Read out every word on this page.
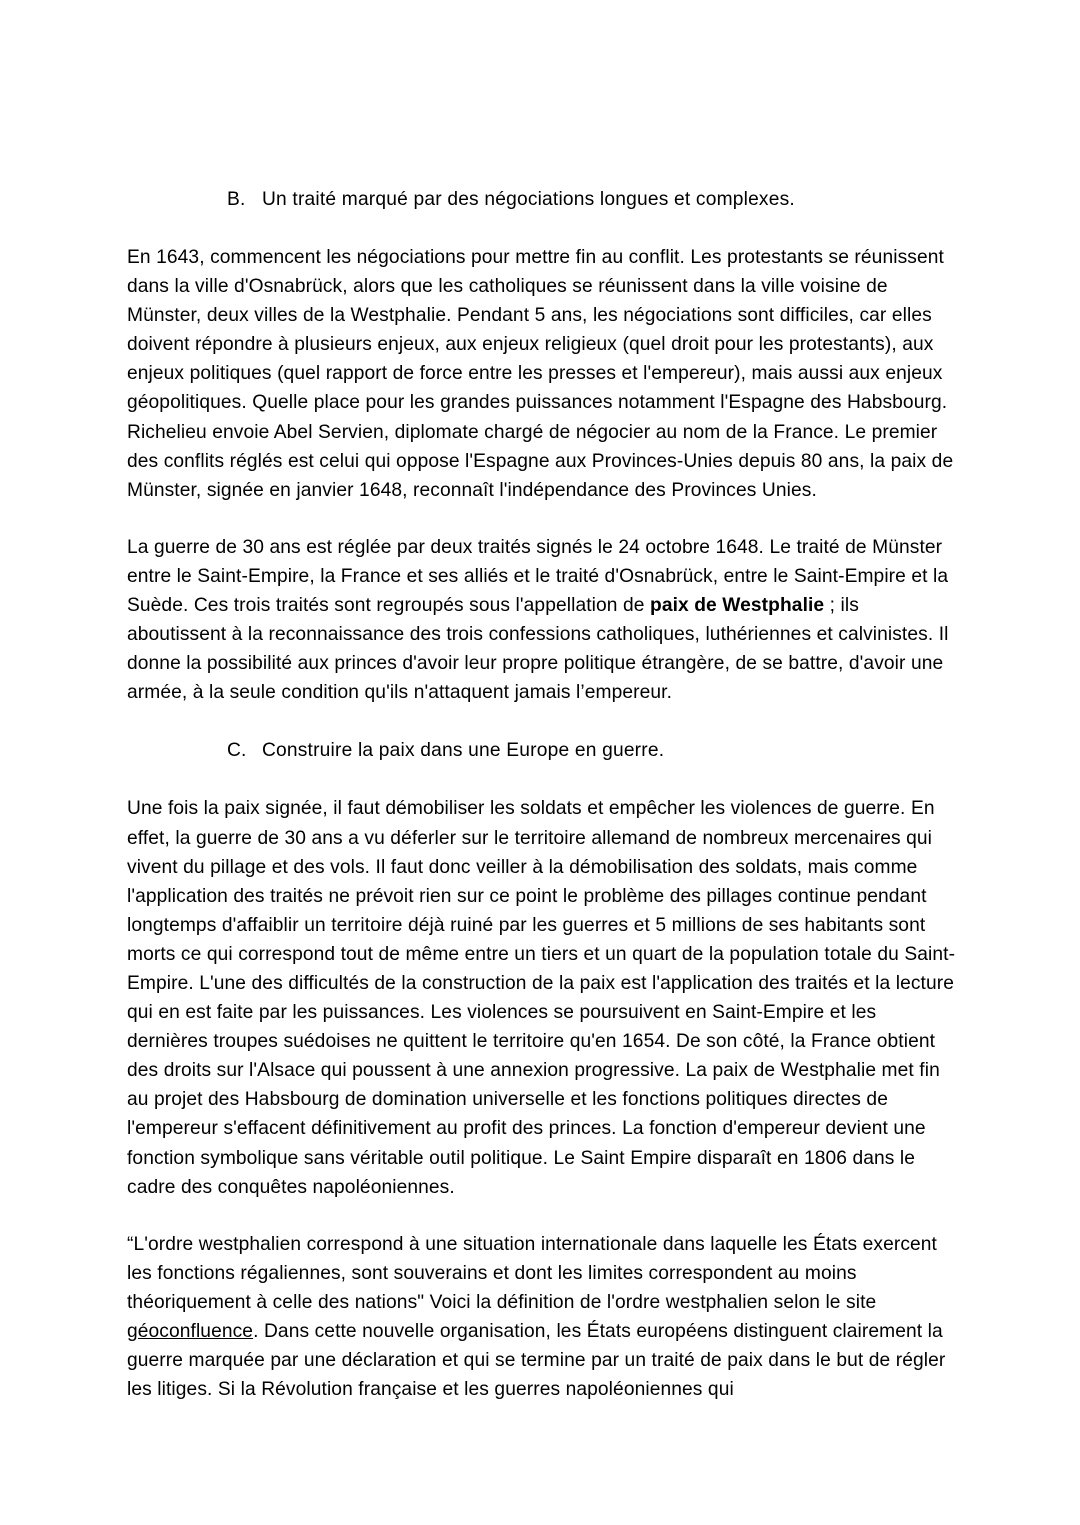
B. Un traité marqué par des négociations longues et complexes.

En 1643, commencent les négociations pour mettre fin au conflit. Les protestants se réunissent dans la ville d'Osnabrück, alors que les catholiques se réunissent dans la ville voisine de Münster, deux villes de la Westphalie. Pendant 5 ans, les négociations sont difficiles, car elles doivent répondre à plusieurs enjeux, aux enjeux religieux (quel droit pour les protestants), aux enjeux politiques (quel rapport de force entre les presses et l'empereur), mais aussi aux enjeux géopolitiques. Quelle place pour les grandes puissances notamment l'Espagne des Habsbourg. Richelieu envoie Abel Servien, diplomate chargé de négocier au nom de la France. Le premier des conflits réglés est celui qui oppose l'Espagne aux Provinces-Unies depuis 80 ans, la paix de Münster, signée en janvier 1648, reconnaît l'indépendance des Provinces Unies.

La guerre de 30 ans est réglée par deux traités signés le 24 octobre 1648. Le traité de Münster entre le Saint-Empire, la France et ses alliés et le traité d'Osnabrück, entre le Saint-Empire et la Suède. Ces trois traités sont regroupés sous l'appellation de paix de Westphalie ; ils aboutissent à la reconnaissance des trois confessions catholiques, luthériennes et calvinistes. Il donne la possibilité aux princes d'avoir leur propre politique étrangère, de se battre, d'avoir une armée, à la seule condition qu'ils n'attaquent jamais l’empereur.

C. Construire la paix dans une Europe en guerre.

Une fois la paix signée, il faut démobiliser les soldats et empêcher les violences de guerre. En effet, la guerre de 30 ans a vu déferler sur le territoire allemand de nombreux mercenaires qui vivent du pillage et des vols. Il faut donc veiller à la démobilisation des soldats, mais comme l'application des traités ne prévoit rien sur ce point le problème des pillages continue pendant longtemps d'affaiblir un territoire déjà ruiné par les guerres et 5 millions de ses habitants sont morts ce qui correspond tout de même entre un tiers et un quart de la population totale du Saint-Empire. L'une des difficultés de la construction de la paix est l'application des traités et la lecture qui en est faite par les puissances. Les violences se poursuivent en Saint-Empire et les dernières troupes suédoises ne quittent le territoire qu'en 1654. De son côté, la France obtient des droits sur l'Alsace qui poussent à une annexion progressive. La paix de Westphalie met fin au projet des Habsbourg de domination universelle et les fonctions politiques directes de l'empereur s'effacent définitivement au profit des princes. La fonction d'empereur devient une fonction symbolique sans véritable outil politique. Le Saint Empire disparaît en 1806 dans le cadre des conquêtes napoléoniennes.

“L'ordre westphalien correspond à une situation internationale dans laquelle les États exercent les fonctions régaliennes, sont souverains et dont les limites correspondent au moins théoriquement à celle des nations" Voici la définition de l'ordre westphalien selon le site géoconfluence. Dans cette nouvelle organisation, les États européens distinguent clairement la guerre marquée par une déclaration et qui se termine par un traité de paix dans le but de régler les litiges. Si la Révolution française et les guerres napoléoniennes qui
